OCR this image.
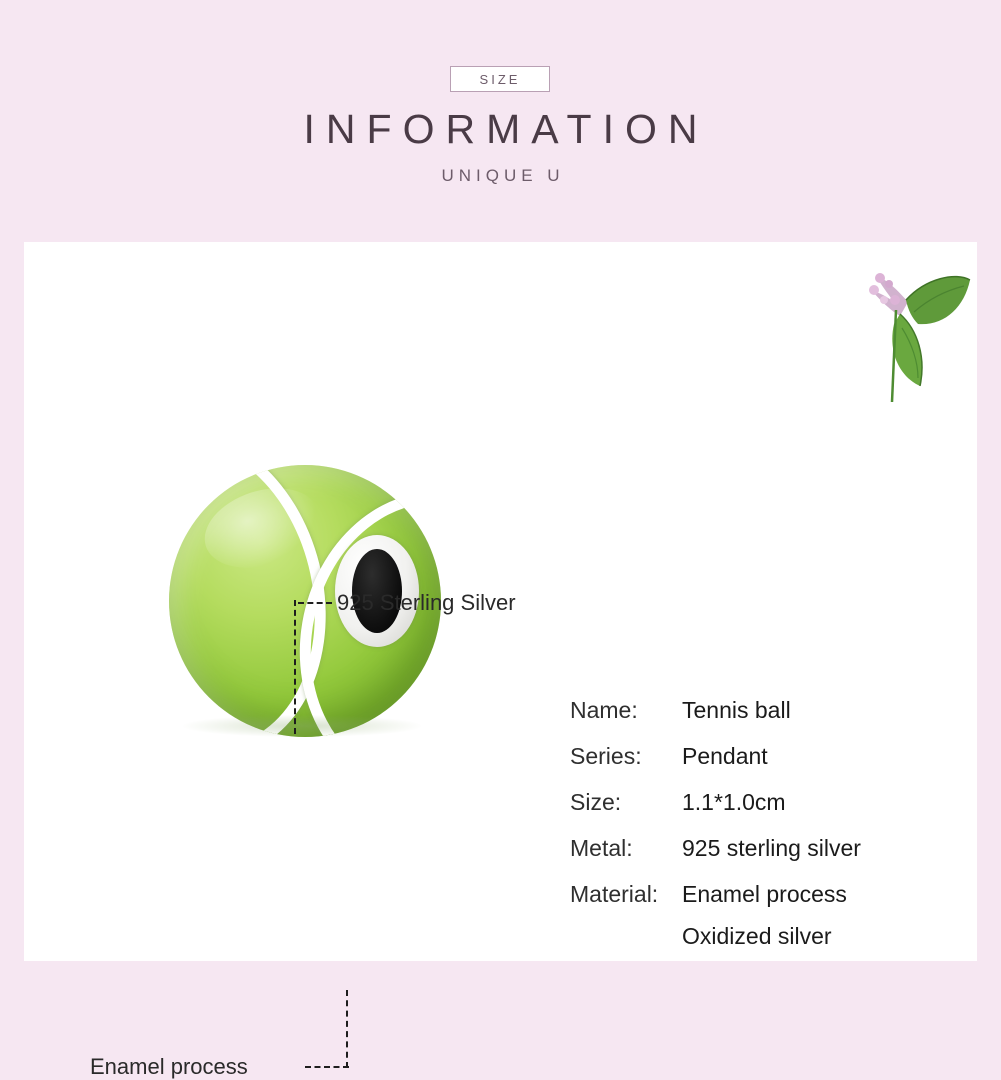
SIZE
INFORMATION
UNIQUE U
925 Sterling Silver
Enamel process
Name:	Tennis ball
Series:	Pendant
Size:	1.1*1.0cm
Metal:	925 sterling silver
Material:	Enamel process
Oxidized silver
